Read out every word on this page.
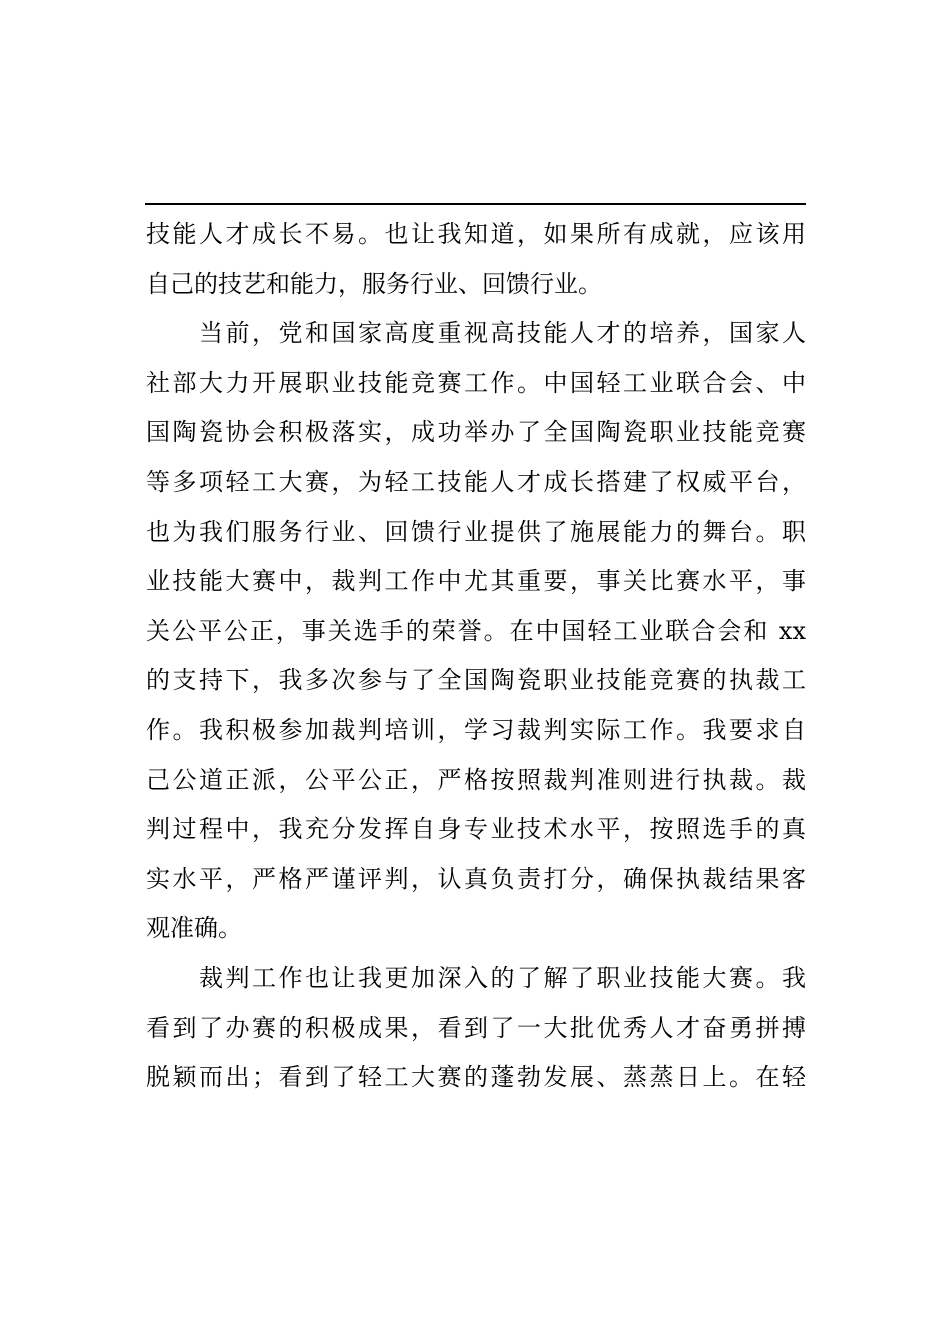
技能人才成长不易。也让我知道，如果所有成就，应该用
自己的技艺和能力，服务行业、回馈行业。
当前，党和国家高度重视高技能人才的培养，国家人
社部大力开展职业技能竞赛工作。中国轻工业联合会、中
国陶瓷协会积极落实，成功举办了全国陶瓷职业技能竞赛
等多项轻工大赛，为轻工技能人才成长搭建了权威平台，
也为我们服务行业、回馈行业提供了施展能力的舞台。职
业技能大赛中，裁判工作中尤其重要，事关比赛水平，事
关公平公正，事关选手的荣誉。在中国轻工业联合会和 xx
的支持下，我多次参与了全国陶瓷职业技能竞赛的执裁工
作。我积极参加裁判培训，学习裁判实际工作。我要求自
己公道正派，公平公正，严格按照裁判准则进行执裁。裁
判过程中，我充分发挥自身专业技术水平，按照选手的真
实水平，严格严谨评判，认真负责打分，确保执裁结果客
观准确。
裁判工作也让我更加深入的了解了职业技能大赛。我
看到了办赛的积极成果，看到了一大批优秀人才奋勇拼搏
脱颖而出；看到了轻工大赛的蓬勃发展、蒸蒸日上。在轻
